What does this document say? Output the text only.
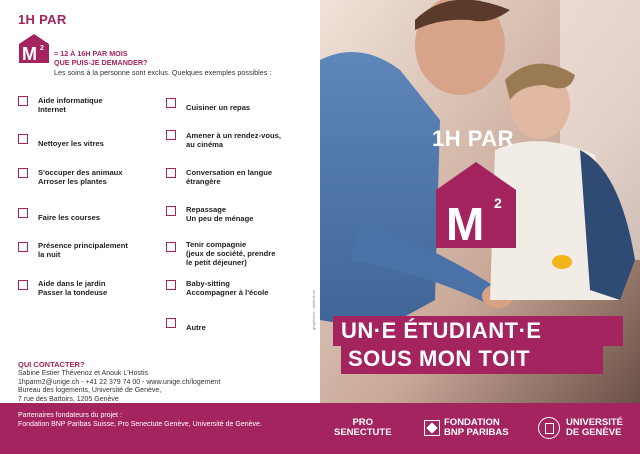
1H PAR
M 2
= 12 À 16H PAR MOIS
QUE PUIS-JE DEMANDER?
Les soins à la personne sont exclus. Quelques exemples possibles :
Aide informatique
Internet
Nettoyer les vitres
S'occuper des animaux
Arroser les plantes
Faire les courses
Présence principalement
la nuit
Aide dans le jardin
Passer la tondeuse
Cuisiner un repas
Amener à un rendez-vous,
au cinéma
Conversation en langue
étrangère
Repassage
Un peu de ménage
Tenir compagnie
(jeux de société, prendre
le petit déjeuner)
Baby-sitting
Accompagner à l'école
Autre
QUI CONTACTER?
Sabine Estier Thévenoz et Anouk L'Hostis
1hparm2@unige.ch - +41 22 379 74 00 - www.unige.ch/logement
Bureau des logements, Université de Genève,
7 rue des Battoirs, 1205 Genève
graphisme : laelbris.ch
1H PAR
M 2
UN·E ÉTUDIANT·E
SOUS MON TOIT
Partenaires fondateurs du projet :
Fondation BNP Paribas Suisse, Pro Senectute Genève, Université de Genève.	PRO
SENECTUTE
FONDATION
BNP PARIBAS
UNIVERSITÉ
DE GENÈVE
